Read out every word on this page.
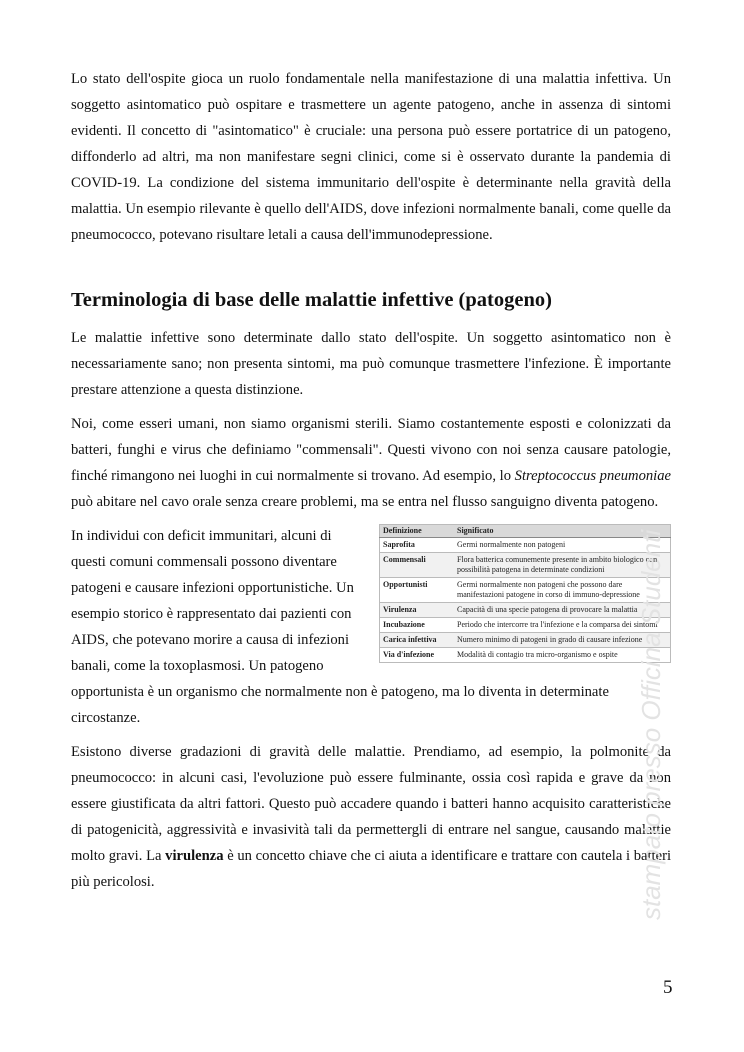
Lo stato dell'ospite gioca un ruolo fondamentale nella manifestazione di una malattia infettiva. Un soggetto asintomatico può ospitare e trasmettere un agente patogeno, anche in assenza di sintomi evidenti. Il concetto di "asintomatico" è cruciale: una persona può essere portatrice di un patogeno, diffonderlo ad altri, ma non manifestare segni clinici, come si è osservato durante la pandemia di COVID-19. La condizione del sistema immunitario dell'ospite è determinante nella gravità della malattia. Un esempio rilevante è quello dell'AIDS, dove infezioni normalmente banali, come quelle da pneumococco, potevano risultare letali a causa dell'immunodepressione.

Terminologia di base delle malattie infettive (patogeno)

Le malattie infettive sono determinate dallo stato dell'ospite. Un soggetto asintomatico non è necessariamente sano; non presenta sintomi, ma può comunque trasmettere l'infezione. È importante prestare attenzione a questa distinzione.

Noi, come esseri umani, non siamo organismi sterili. Siamo costantemente esposti e colonizzati da batteri, funghi e virus che definiamo "commensali". Questi vivono con noi senza causare patologie, finché rimangono nei luoghi in cui normalmente si trovano. Ad esempio, lo Streptococcus pneumoniae può abitare nel cavo orale senza creare problemi, ma se entra nel flusso sanguigno diventa patogeno.

Definizione	Significato
Saprofita	Germi normalmente non patogeni
Commensali	Flora batterica comunemente presente in ambito biologico con possibilità patogena in determinate condizioni
Opportunisti	Germi normalmente non patogeni che possono dare manifestazioni patogene in corso di immuno-depressione
Virulenza	Capacità di una specie patogena di provocare la malattia
Incubazione	Periodo che intercorre tra l'infezione e la comparsa dei sintomi
Carica infettiva	Numero minimo di patogeni in grado di causare infezione
Via d'infezione	Modalità di contagio tra micro-organismo e ospite
In individui con deficit immunitari, alcuni di questi comuni commensali possono diventare patogeni e causare infezioni opportunistiche. Un esempio storico è rappresentato dai pazienti con AIDS, che potevano morire a causa di infezioni banali, come la toxoplasmosi. Un patogeno opportunista è un organismo che normalmente non è patogeno, ma lo diventa in determinate circostanze.

Esistono diverse gradazioni di gravità delle malattie. Prendiamo, ad esempio, la polmonite da pneumococco: in alcuni casi, l'evoluzione può essere fulminante, ossia così rapida e grave da non essere giustificata da altri fattori. Questo può accadere quando i batteri hanno acquisito caratteristiche di patogenicità, aggressività e invasività tali da permettergli di entrare nel sangue, causando malattie molto gravi. La virulenza è un concetto chiave che ci aiuta a identificare e trattare con cautela i batteri più pericolosi.	stampato presso Officina Studenti
5
